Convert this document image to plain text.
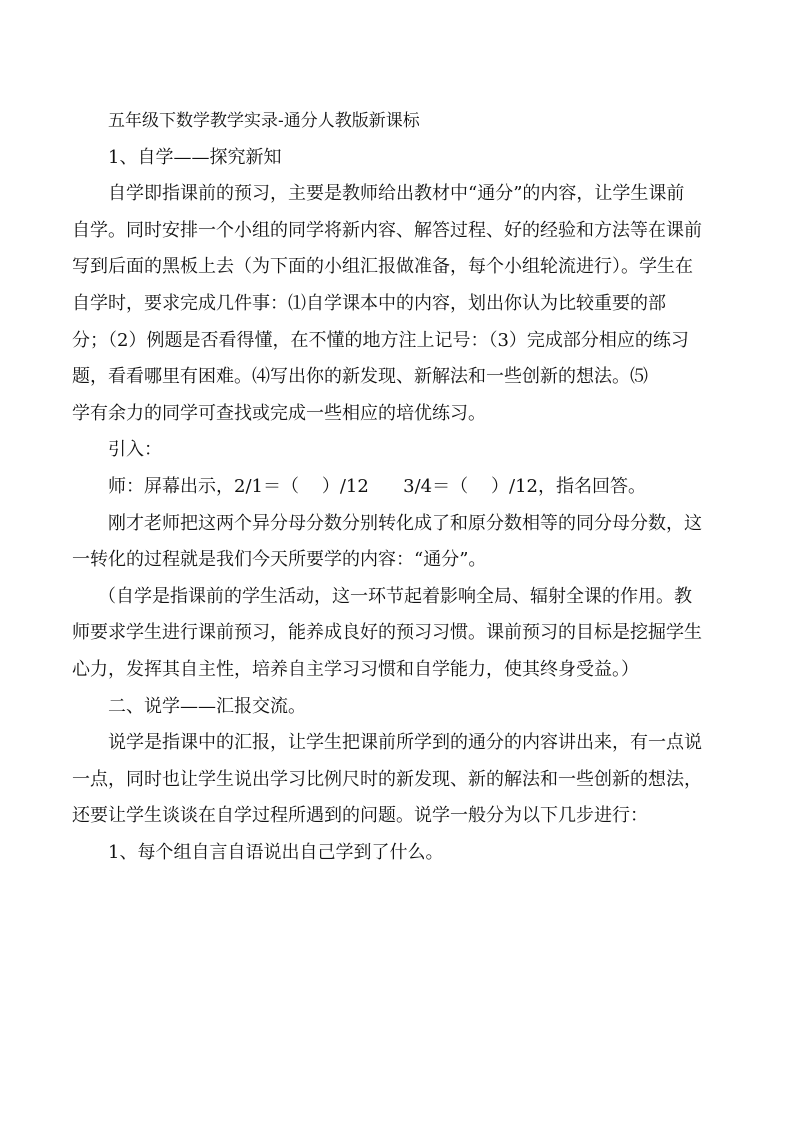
五年级下数学教学实录-通分人教版新课标

1、自学——探究新知

自学即指课前的预习，主要是教师给出教材中“通分”的内容，让学生课前

自学。同时安排一个小组的同学将新内容、解答过程、好的经验和方法等在课前

写到后面的黑板上去（为下面的小组汇报做准备，每个小组轮流进行）。学生在

自学时，要求完成几件事：⑴自学课本中的内容，划出你认为比较重要的部

分；（2）例题是否看得懂，在不懂的地方注上记号：（3）完成部分相应的练习

题，看看哪里有困难。⑷写出你的新发现、新解法和一些创新的想法。⑸

学有余力的同学可查找或完成一些相应的培优练习。

引入：

师：屏幕出示，2/1＝（    ）/12      3/4＝（    ）/12，指名回答。

刚才老师把这两个异分母分数分别转化成了和原分数相等的同分母分数，这

一转化的过程就是我们今天所要学的内容：“通分”。

（自学是指课前的学生活动，这一环节起着影响全局、辐射全课的作用。教

师要求学生进行课前预习，能养成良好的预习习惯。课前预习的目标是挖掘学生

心力，发挥其自主性，培养自主学习习惯和自学能力，使其终身受益。）

二、说学——汇报交流。

说学是指课中的汇报，让学生把课前所学到的通分的内容讲出来，有一点说

一点，同时也让学生说出学习比例尺时的新发现、新的解法和一些创新的想法，

还要让学生谈谈在自学过程所遇到的问题。说学一般分为以下几步进行：

1、每个组自言自语说出自己学到了什么。
